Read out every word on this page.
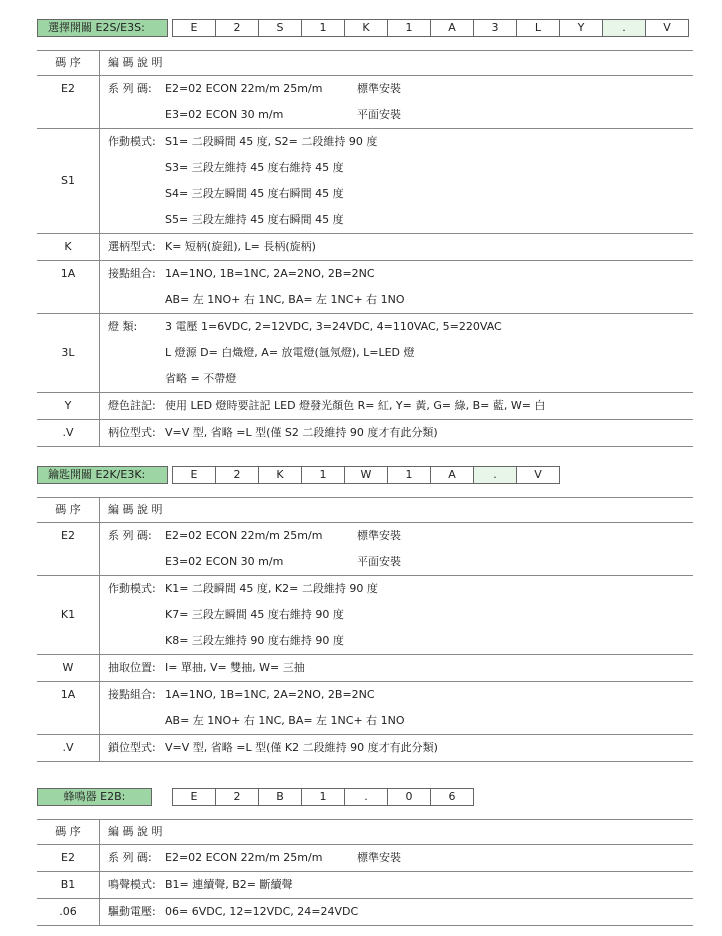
選擇開關 E2S/E3S:	E	2	S	1	K	1	A	3	L	Y	.	V
碼 序	編 碼 說 明

E2	系 列 碼: E2=02 ECON 22m/m 25m/m 標準安裝
E3=02 ECON 30 m/m 平面安裝

S1	作動模式: S1= 二段瞬間 45 度, S2= 二段維持 90 度
S3= 三段左維持 45 度右維持 45 度
S4= 三段左瞬間 45 度右瞬間 45 度
S5= 三段左維持 45 度右瞬間 45 度

K	選柄型式: K= 短柄(旋鈕), L= 長柄(旋柄)

1A	接點組合: 1A=1NO, 1B=1NC, 2A=2NO, 2B=2NC
AB= 左 1NO+ 右 1NC, BA= 左 1NC+ 右 1NO

3L	燈 類: 3 電壓 1=6VDC, 2=12VDC, 3=24VDC, 4=110VAC, 5=220VAC
L 燈源 D= 白熾燈, A= 放電燈(氬氖燈), L=LED 燈
省略 = 不帶燈

Y	燈色註記: 使用 LED 燈時要註記 LED 燈發光顏色 R= 紅, Y= 黃, G= 綠, B= 藍, W= 白

.V	柄位型式: V=V 型, 省略 =L 型(僅 S2 二段維持 90 度才有此分類)
鑰匙開關 E2K/E3K:	E	2	K	1	W	1	A	.	V
碼 序	編 碼 說 明

E2	系 列 碼: E2=02 ECON 22m/m 25m/m 標準安裝
E3=02 ECON 30 m/m 平面安裝

K1	作動模式: K1= 二段瞬間 45 度, K2= 二段維持 90 度
K7= 三段左瞬間 45 度右維持 90 度
K8= 三段左維持 90 度右維持 90 度

W	抽取位置: I= 單抽, V= 雙抽, W= 三抽

1A	接點組合: 1A=1NO, 1B=1NC, 2A=2NO, 2B=2NC
AB= 左 1NO+ 右 1NC, BA= 左 1NC+ 右 1NO

.V	鎖位型式: V=V 型, 省略 =L 型(僅 K2 二段維持 90 度才有此分類)
蜂鳴器 E2B:	E	2	B	1	.	0	6
碼 序	編 碼 說 明

E2	系 列 碼: E2=02 ECON 22m/m 25m/m 標準安裝

B1	鳴聲模式: B1= 連續聲, B2= 斷續聲

.06	驅動電壓: 06= 6VDC, 12=12VDC, 24=24VDC
